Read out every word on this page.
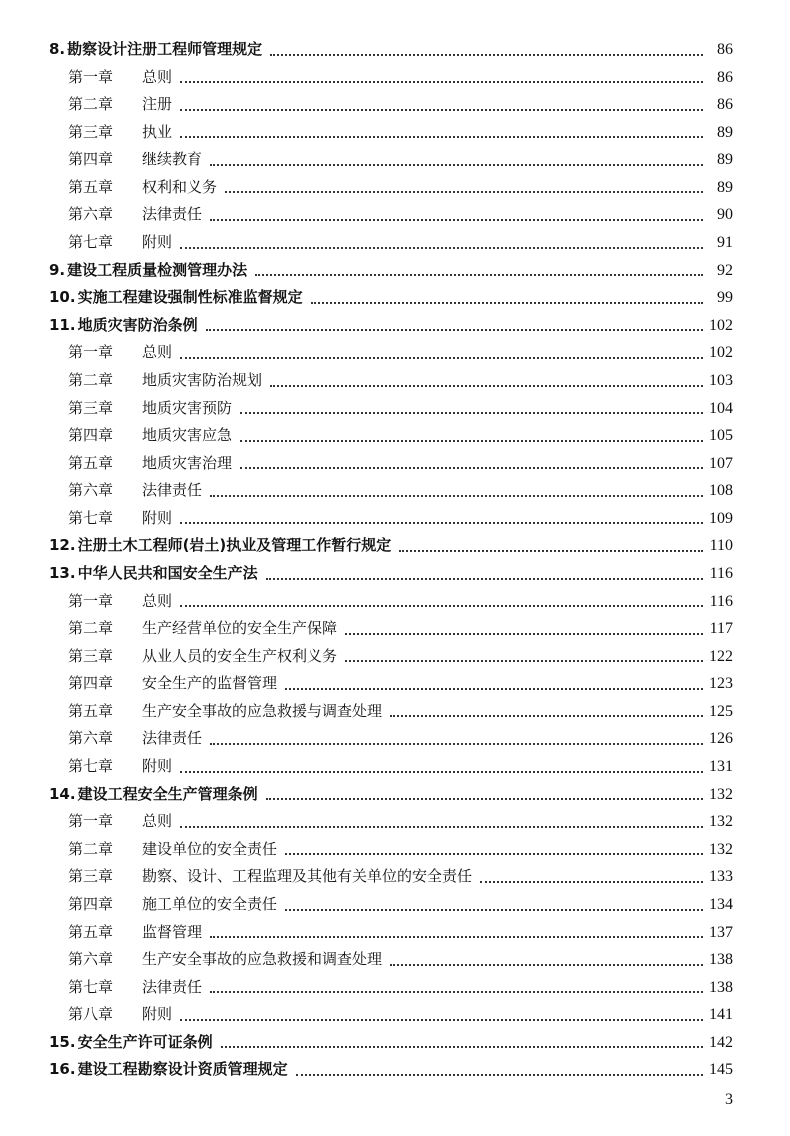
8. 勘察设计注册工程师管理规定	86
第一章	总则	86
第二章	注册	86
第三章	执业	89
第四章	继续教育	89
第五章	权利和义务	89
第六章	法律责任	90
第七章	附则	91
9. 建设工程质量检测管理办法	92
10. 实施工程建设强制性标准监督规定	99
11. 地质灾害防治条例	102
第一章	总则	102
第二章	地质灾害防治规划	103
第三章	地质灾害预防	104
第四章	地质灾害应急	105
第五章	地质灾害治理	107
第六章	法律责任	108
第七章	附则	109
12. 注册土木工程师(岩土)执业及管理工作暂行规定	110
13. 中华人民共和国安全生产法	116
第一章	总则	116
第二章	生产经营单位的安全生产保障	117
第三章	从业人员的安全生产权利义务	122
第四章	安全生产的监督管理	123
第五章	生产安全事故的应急救援与调查处理	125
第六章	法律责任	126
第七章	附则	131
14. 建设工程安全生产管理条例	132
第一章	总则	132
第二章	建设单位的安全责任	132
第三章	勘察、设计、工程监理及其他有关单位的安全责任	133
第四章	施工单位的安全责任	134
第五章	监督管理	137
第六章	生产安全事故的应急救援和调查处理	138
第七章	法律责任	138
第八章	附则	141
15. 安全生产许可证条例	142
16. 建设工程勘察设计资质管理规定	145
3
